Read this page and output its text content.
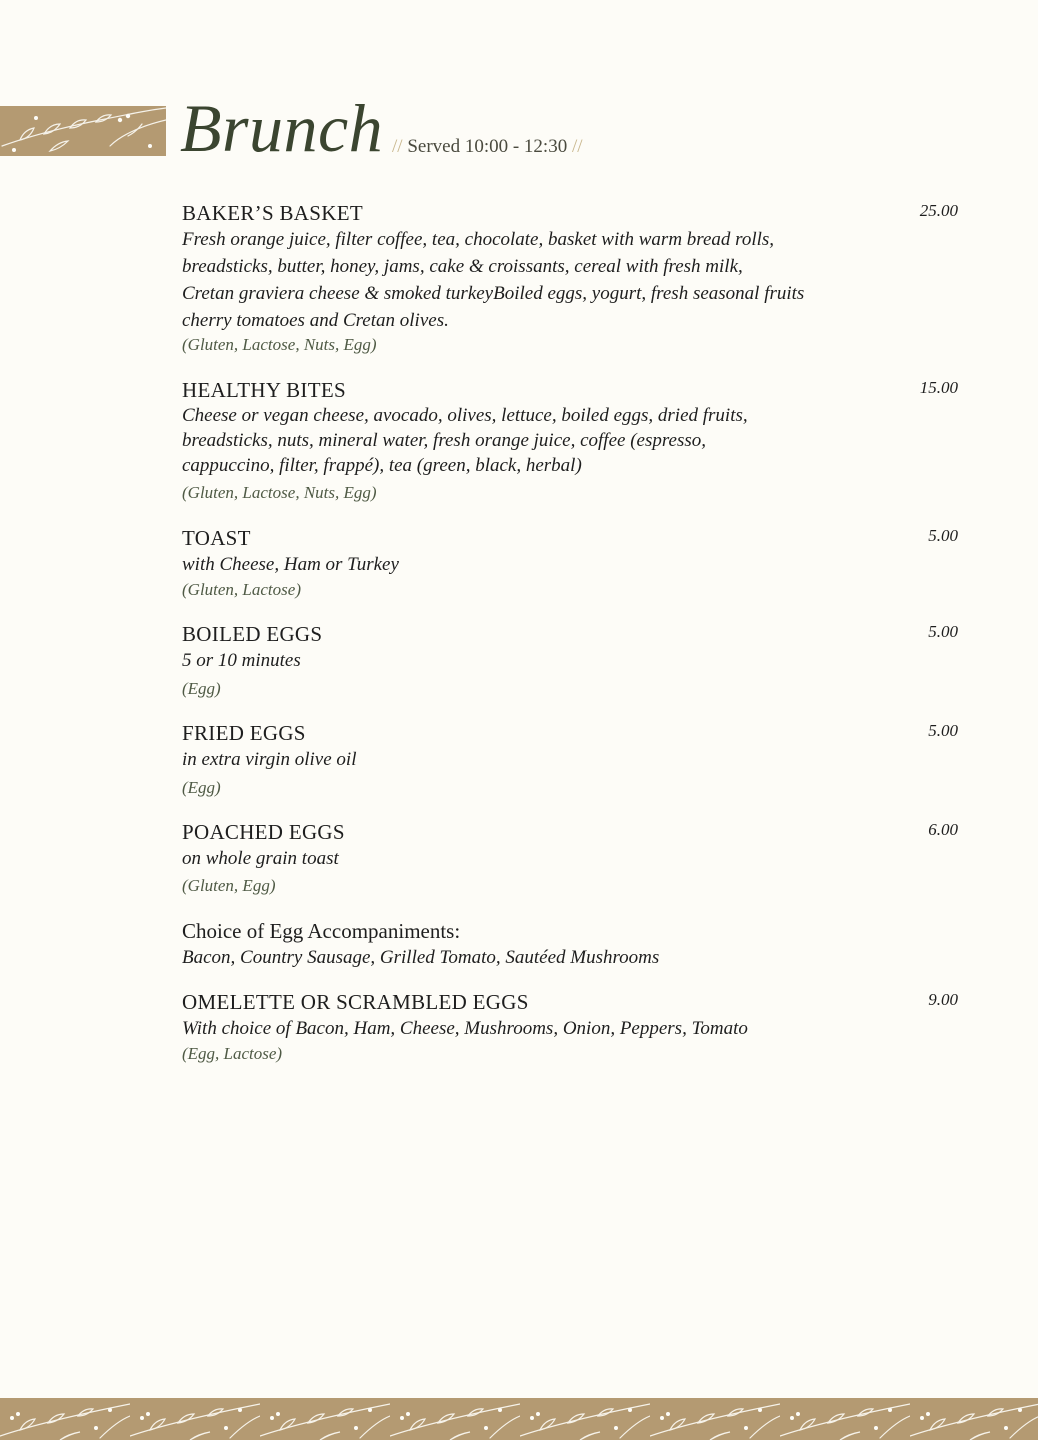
Brunch // Served 10:00 - 12:30 //
BAKER’S BASKET	25.00
Fresh orange juice, filter coffee, tea, chocolate, basket with warm bread rolls,
breadsticks, butter, honey, jams, cake & croissants, cereal with fresh milk,
Cretan graviera cheese & smoked turkeyBoiled eggs, yogurt, fresh seasonal fruits
cherry tomatoes and Cretan olives.
(Gluten, Lactose, Nuts, Egg)
HEALTHY BITES	15.00
Cheese or vegan cheese, avocado, olives, lettuce, boiled eggs, dried fruits,
breadsticks, nuts, mineral water, fresh orange juice, coffee (espresso,
cappuccino, filter, frappé), tea (green, black, herbal)
(Gluten, Lactose, Nuts, Egg)
TOAST	5.00
with Cheese, Ham or Turkey
(Gluten, Lactose)
BOILED EGGS	5.00
5 or 10 minutes
(Egg)
FRIED EGGS	5.00
in extra virgin olive oil
(Egg)
POACHED EGGS	6.00
on whole grain toast
(Gluten, Egg)
Choice of Egg Accompaniments:
Bacon, Country Sausage, Grilled Tomato, Sautéed Mushrooms
OMELETTE OR SCRAMBLED EGGS	9.00
With choice of Bacon, Ham, Cheese, Mushrooms, Onion, Peppers, Tomato
(Egg, Lactose)
